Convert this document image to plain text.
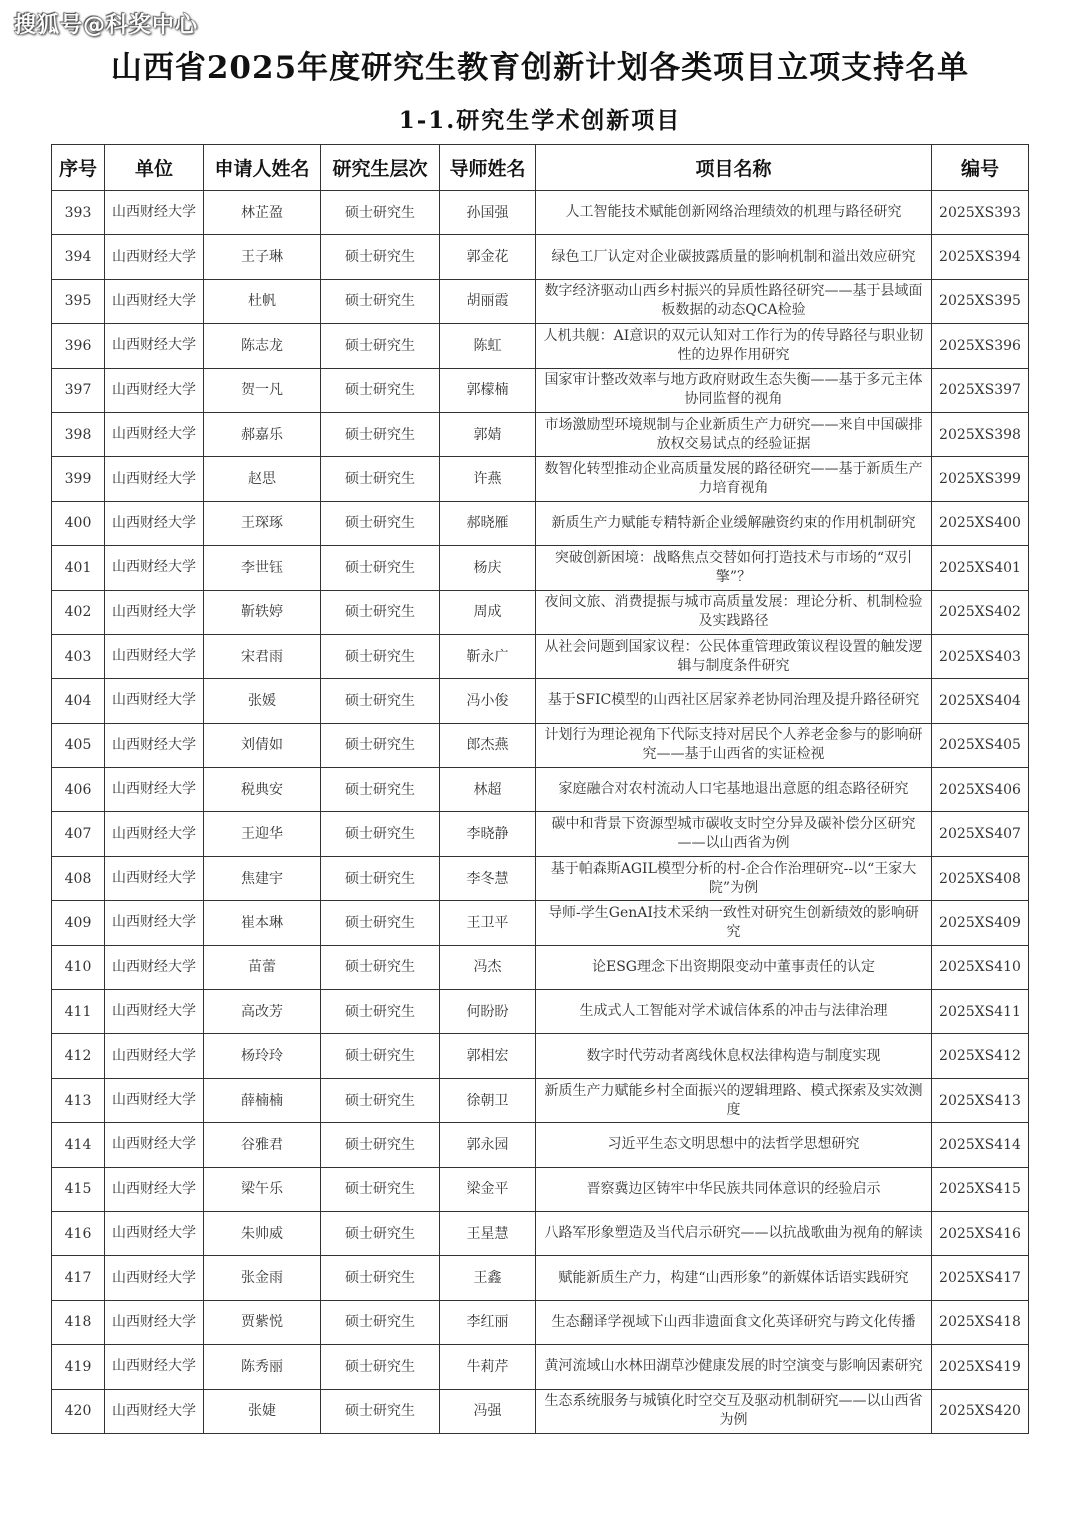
搜狐号@科奖中心
山西省2025年度研究生教育创新计划各类项目立项支持名单
1-1.研究生学术创新项目
序号	单位	申请人姓名	研究生层次	导师姓名	项目名称	编号
393	山西财经大学	林芷盈	硕士研究生	孙国强	人工智能技术赋能创新网络治理绩效的机理与路径研究	2025XS393
394	山西财经大学	王子琳	硕士研究生	郭金花	绿色工厂认定对企业碳披露质量的影响机制和溢出效应研究	2025XS394
395	山西财经大学	杜帆	硕士研究生	胡丽霞	数字经济驱动山西乡村振兴的异质性路径研究——基于县域面板数据的动态QCA检验	2025XS395
396	山西财经大学	陈志龙	硕士研究生	陈虹	人机共舰：AI意识的双元认知对工作行为的传导路径与职业韧性的边界作用研究	2025XS396
397	山西财经大学	贺一凡	硕士研究生	郭檬楠	国家审计整改效率与地方政府财政生态失衡——基于多元主体协同监督的视角	2025XS397
398	山西财经大学	郝嘉乐	硕士研究生	郭婧	市场激励型环境规制与企业新质生产力研究——来自中国碳排放权交易试点的经验证据	2025XS398
399	山西财经大学	赵思	硕士研究生	许燕	数智化转型推动企业高质量发展的路径研究——基于新质生产力培育视角	2025XS399
400	山西财经大学	王琛琢	硕士研究生	郝晓雁	新质生产力赋能专精特新企业缓解融资约束的作用机制研究	2025XS400
401	山西财经大学	李世钰	硕士研究生	杨庆	突破创新困境：战略焦点交替如何打造技术与市场的“双引擎”？	2025XS401
402	山西财经大学	靳轶婷	硕士研究生	周成	夜间文旅、消费提振与城市高质量发展：理论分析、机制检验及实践路径	2025XS402
403	山西财经大学	宋君雨	硕士研究生	靳永广	从社会问题到国家议程：公民体重管理政策议程设置的触发逻辑与制度条件研究	2025XS403
404	山西财经大学	张媛	硕士研究生	冯小俊	基于SFIC模型的山西社区居家养老协同治理及提升路径研究	2025XS404
405	山西财经大学	刘倩如	硕士研究生	郎杰燕	计划行为理论视角下代际支持对居民个人养老金参与的影响研究——基于山西省的实证检视	2025XS405
406	山西财经大学	税典安	硕士研究生	林超	家庭融合对农村流动人口宅基地退出意愿的组态路径研究	2025XS406
407	山西财经大学	王迎华	硕士研究生	李晓静	碳中和背景下资源型城市碳收支时空分异及碳补偿分区研究——以山西省为例	2025XS407
408	山西财经大学	焦建宇	硕士研究生	李冬慧	基于帕森斯AGIL模型分析的村-企合作治理研究--以“王家大院”为例	2025XS408
409	山西财经大学	崔本琳	硕士研究生	王卫平	导师-学生GenAI技术采纳一致性对研究生创新绩效的影响研究	2025XS409
410	山西财经大学	苗蕾	硕士研究生	冯杰	论ESG理念下出资期限变动中董事责任的认定	2025XS410
411	山西财经大学	高改芳	硕士研究生	何盼盼	生成式人工智能对学术诚信体系的冲击与法律治理	2025XS411
412	山西财经大学	杨玲玲	硕士研究生	郭相宏	数字时代劳动者离线休息权法律构造与制度实现	2025XS412
413	山西财经大学	薛楠楠	硕士研究生	徐朝卫	新质生产力赋能乡村全面振兴的逻辑理路、模式探索及实效测度	2025XS413
414	山西财经大学	谷雅君	硕士研究生	郭永园	习近平生态文明思想中的法哲学思想研究	2025XS414
415	山西财经大学	梁午乐	硕士研究生	梁金平	晋察冀边区铸牢中华民族共同体意识的经验启示	2025XS415
416	山西财经大学	朱帅威	硕士研究生	王星慧	八路军形象塑造及当代启示研究——以抗战歌曲为视角的解读	2025XS416
417	山西财经大学	张金雨	硕士研究生	王鑫	赋能新质生产力，构建“山西形象”的新媒体话语实践研究	2025XS417
418	山西财经大学	贾紫悦	硕士研究生	李红丽	生态翻译学视域下山西非遗面食文化英译研究与跨文化传播	2025XS418
419	山西财经大学	陈秀丽	硕士研究生	牛莉芹	黄河流域山水林田湖草沙健康发展的时空演变与影响因素研究	2025XS419
420	山西财经大学	张婕	硕士研究生	冯强	生态系统服务与城镇化时空交互及驱动机制研究——以山西省为例	2025XS420
